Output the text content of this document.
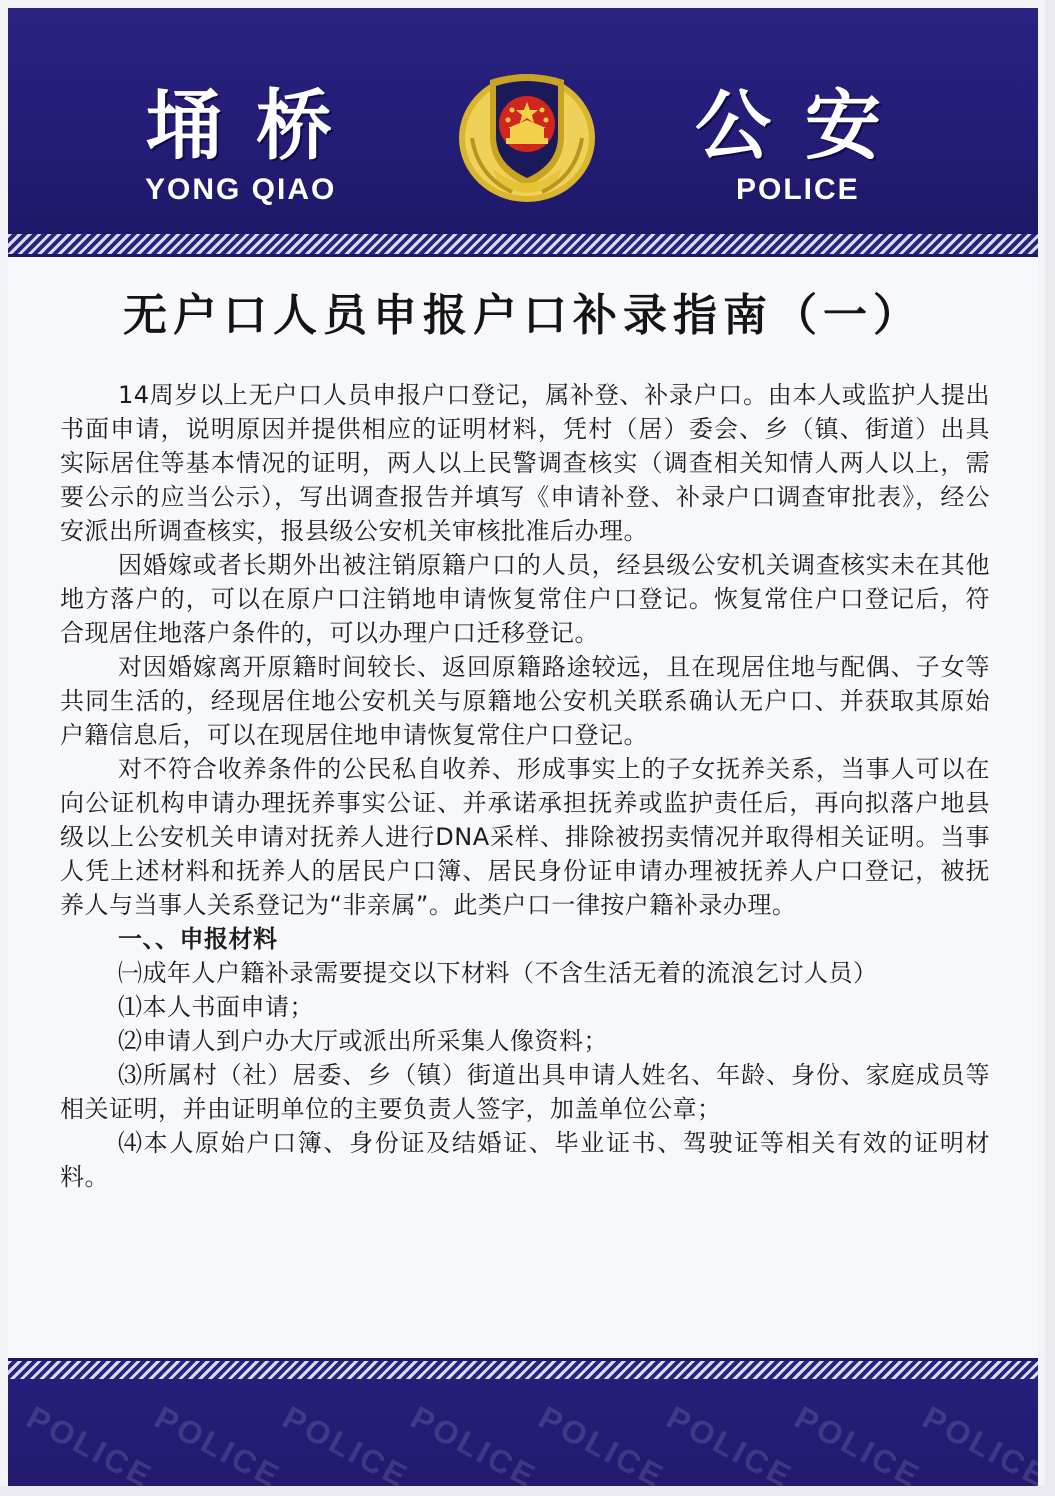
埇桥
YONG QIAO
公安
POLICE
无户口人员申报户口补录指南（一）

14周岁以上无户口人员申报户口登记，属补登、补录户口。由本人或监护人提出书面申请，说明原因并提供相应的证明材料，凭村（居）委会、乡（镇、街道）出具实际居住等基本情况的证明，两人以上民警调查核实（调查相关知情人两人以上，需要公示的应当公示），写出调查报告并填写《申请补登、补录户口调查审批表》，经公安派出所调查核实，报县级公安机关审核批准后办理。

因婚嫁或者长期外出被注销原籍户口的人员，经县级公安机关调查核实未在其他地方落户的，可以在原户口注销地申请恢复常住户口登记。恢复常住户口登记后，符合现居住地落户条件的，可以办理户口迁移登记。

对因婚嫁离开原籍时间较长、返回原籍路途较远，且在现居住地与配偶、子女等共同生活的，经现居住地公安机关与原籍地公安机关联系确认无户口、并获取其原始户籍信息后，可以在现居住地申请恢复常住户口登记。

对不符合收养条件的公民私自收养、形成事实上的子女抚养关系，当事人可以在向公证机构申请办理抚养事实公证、并承诺承担抚养或监护责任后，再向拟落户地县级以上公安机关申请对抚养人进行DNA采样、排除被拐卖情况并取得相关证明。当事人凭上述材料和抚养人的居民户口簿、居民身份证申请办理被抚养人户口登记，被抚养人与当事人关系登记为“非亲属”。此类户口一律按户籍补录办理。

一、、申报材料

㈠成年人户籍补录需要提交以下材料（不含生活无着的流浪乞讨人员）

⑴本人书面申请；

⑵申请人到户办大厅或派出所采集人像资料；

⑶所属村（社）居委、乡（镇）街道出具申请人姓名、年龄、身份、家庭成员等相关证明，并由证明单位的主要负责人签字，加盖单位公章；

⑷本人原始户口簿、身份证及结婚证、毕业证书、驾驶证等相关有效的证明材料。

POLICE
POLICE
POLICE
POLICE
POLICE
POLICE
POLICE
POLICE
